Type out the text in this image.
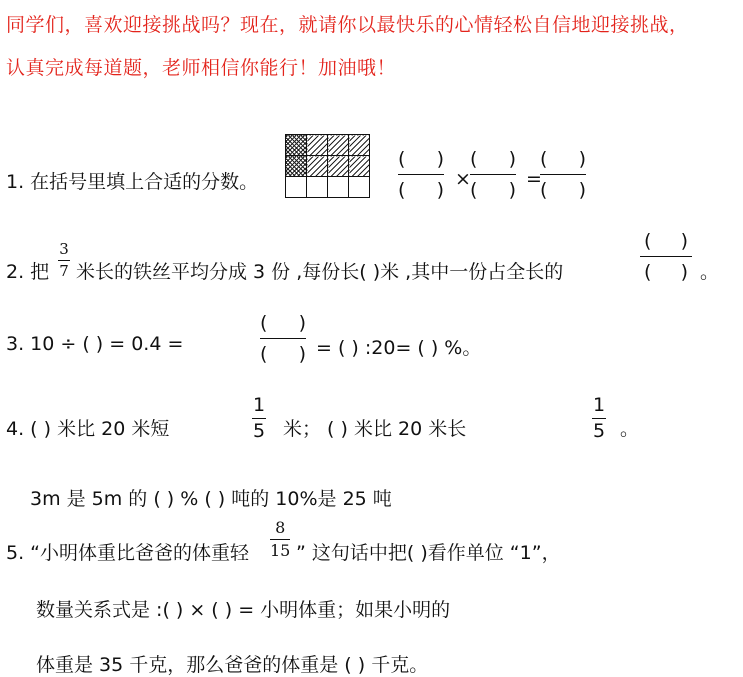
同学们，喜欢迎接挑战吗？现在，就请你以最快乐的心情轻松自信地迎接挑战，
认真完成每道题，老师相信你能行！加油哦！
1. 在括号里填上合适的分数。

( )
( ) ×
( )
( ) =
( )
( )
2. 把
3
7 米长的铁丝平均分成 3 份 ,每份长( )米 ,其中一份占全长的
( )
( ) 。
3. 10 ÷ ( ) = 0.4 =
( )
( ) = ( ) :20= ( ) %。
4. ( ) 米比 20 米短
1
5 米； ( ) 米比 20 米长
1
5 。
3m 是 5m 的 ( ) % ( ) 吨的 10%是 25 吨
5. “小明体重比爸爸的体重轻
8
15 ” 这句话中把( )看作单位 “1”，
数量关系式是 :( ) × ( ) = 小明体重；如果小明的
体重是 35 千克，那么爸爸的体重是 ( ) 千克。
